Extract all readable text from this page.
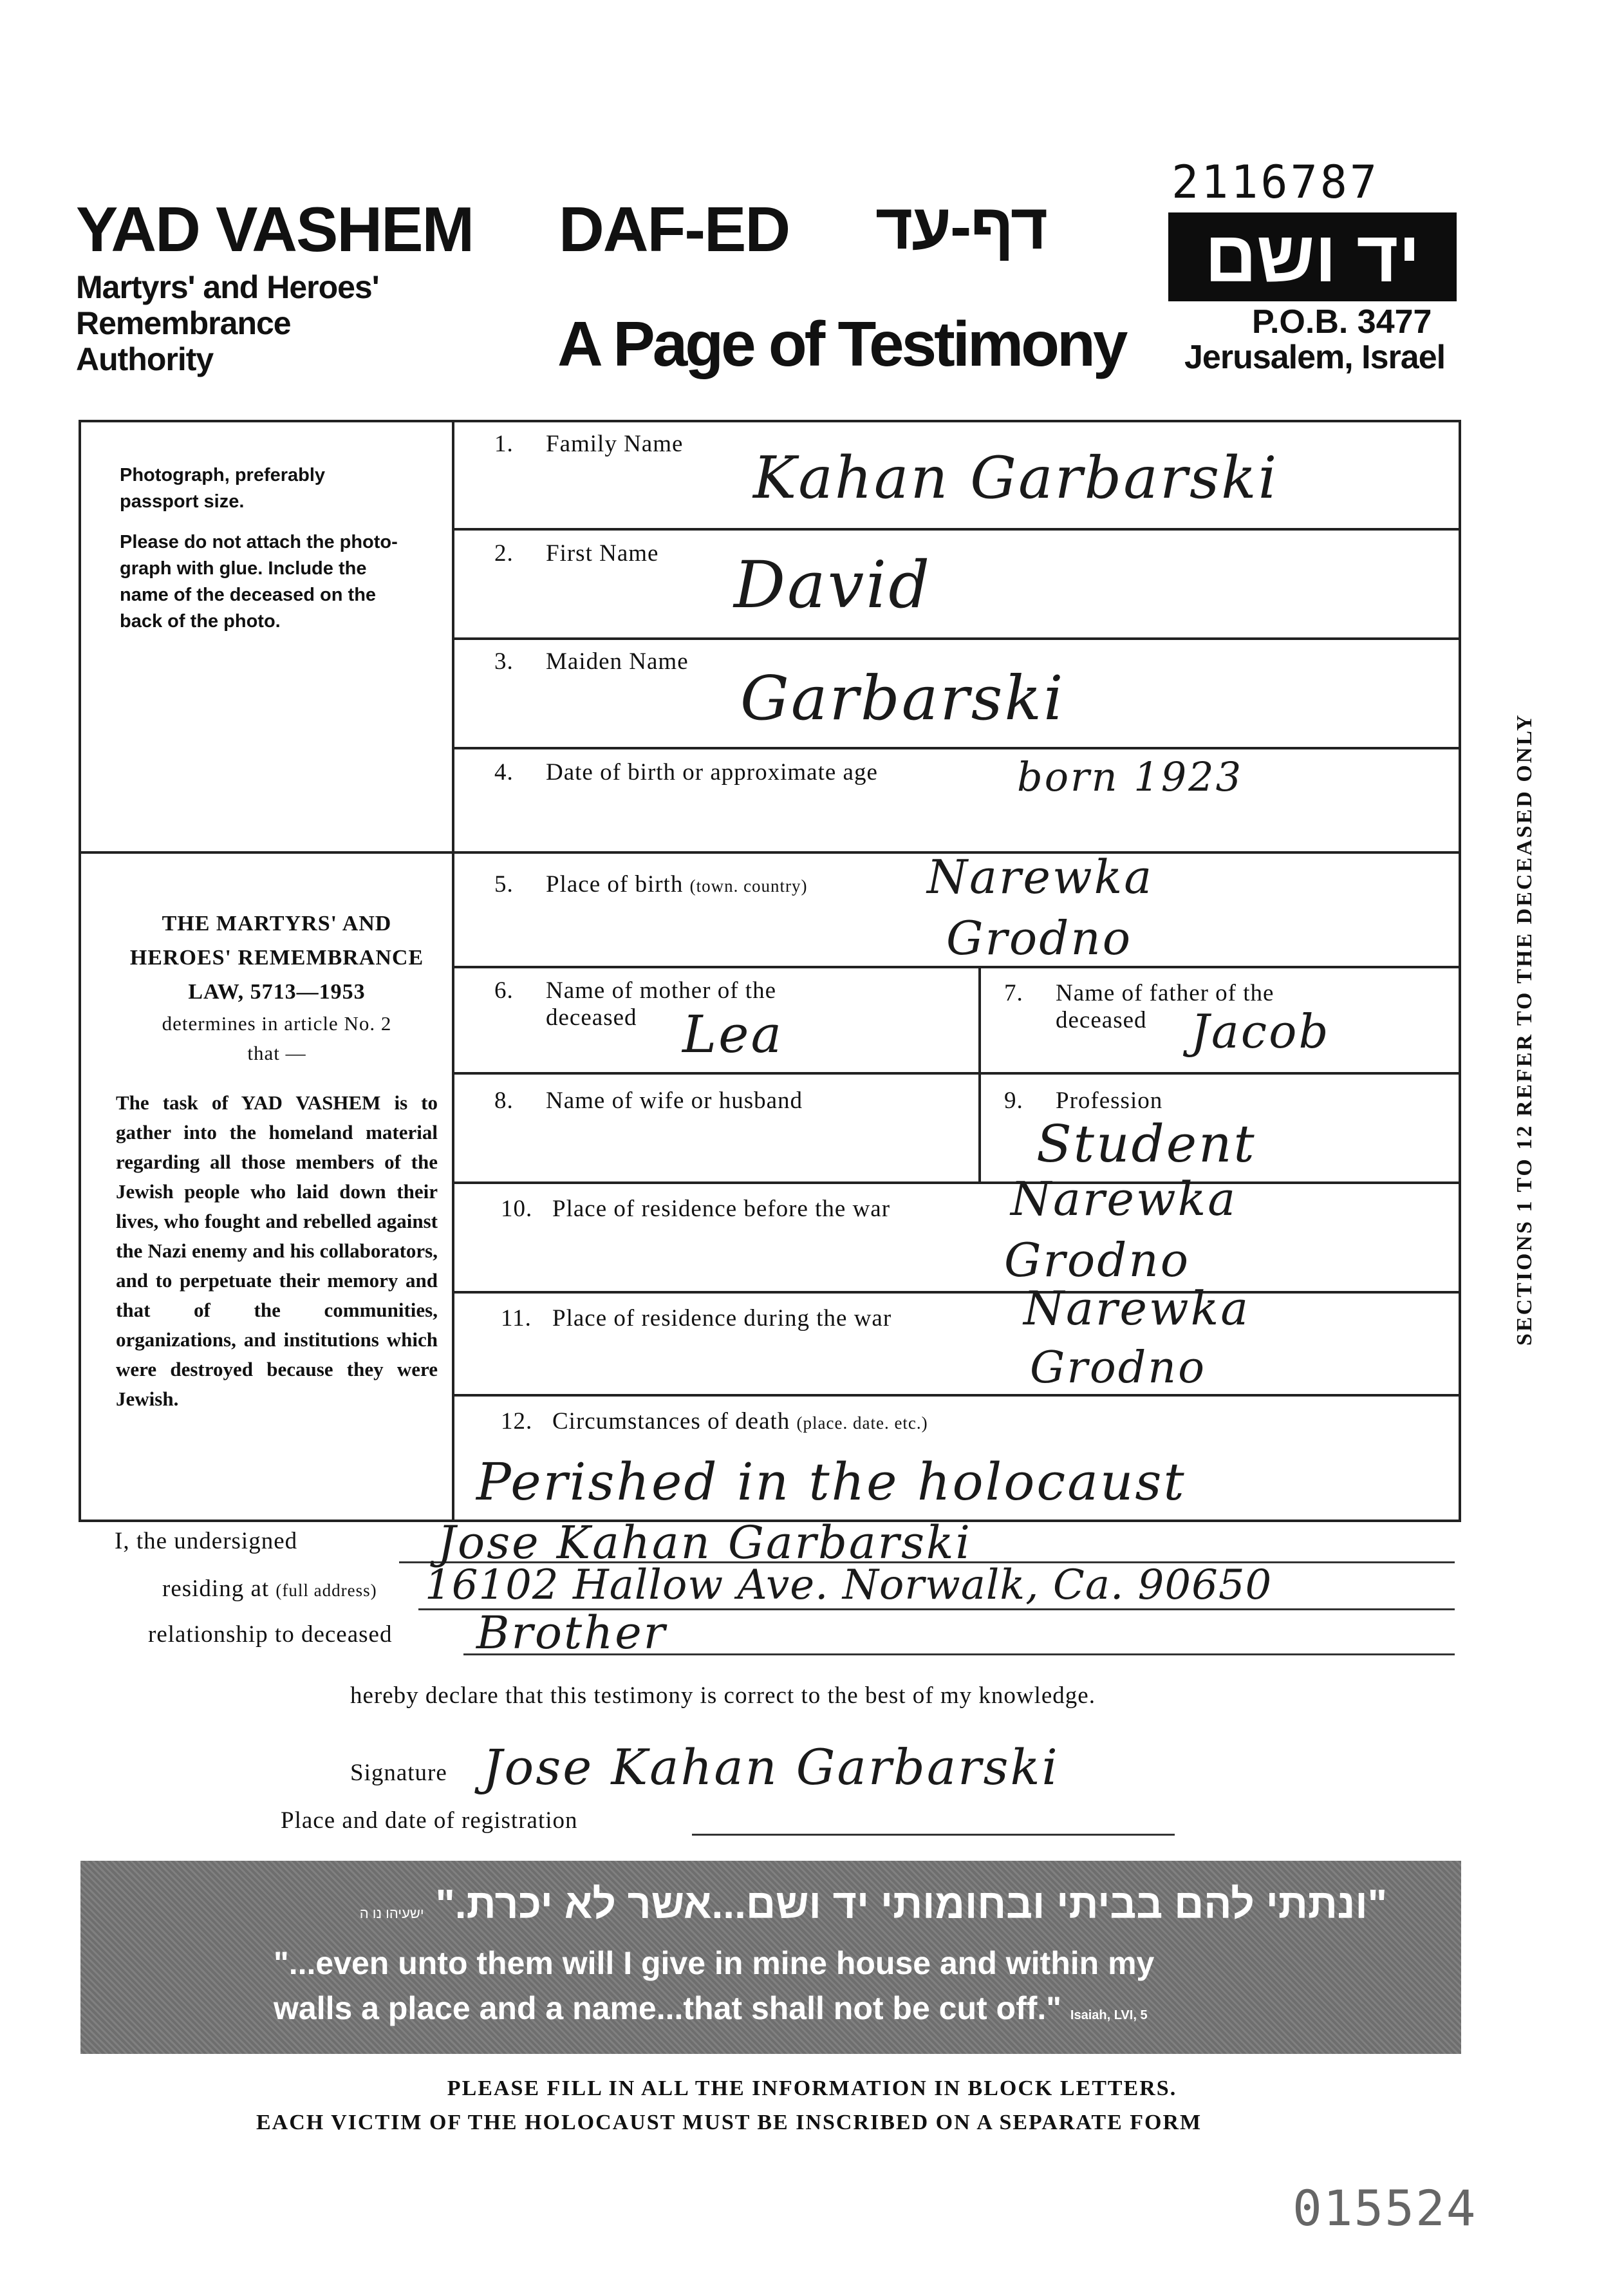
2116787
YAD VASHEM
Martyrs' and Heroes'
Remembrance
Authority
DAF-ED דף-עד
A Page of Testimony
יד ושם
P.O.B. 3477
Jerusalem, Israel
Photograph, preferably
passport size.
Please do not attach the photo-
graph with glue. Include the
name of the deceased on the
back of the photo.
THE MARTYRS' AND
HEROES' REMEMBRANCE
LAW, 5713—1953
determines in article No. 2
that —
The task of YAD VASHEM is to gather into the homeland material regarding all those members of the Jewish people who laid down their lives, who fought and rebelled against the Nazi enemy and his collaborators, and to perpetuate their memory and that of the communities, organizations, and institutions which were destroyed because they were Jewish.
SECTIONS 1 TO 12 REFER TO THE DECEASED ONLY
1. Family Name
Kahan Garbarski
2. First Name David
3. Maiden Name
Garbarski
4. Date of birth or approximate age	born 1923
5. Place of birth (town. country)	Narewka
Grodno
6. Name of mother of the
deceased Lea
7. Name of father of the
deceased Jacob
8. Name of wife or husband	9. Profession
Student
10. Place of residence before the war	Narewka
Grodno
11. Place of residence during the war	Narewka
Grodno
12. Circumstances of death (place. date. etc.)
Perished in the holocaust
I, the undersigned	Jose Kahan Garbarski
residing at (full address) 16102 Hallow Ave. Norwalk, Ca. 90650
relationship to deceased Brother
hereby declare that this testimony is correct to the best of my knowledge.
Signature Jose Kahan Garbarski
Place and date of registration
"ונתתי להם בביתי ובחומותי יד ושם...אשר לא יכרת." ישעיהו נו ה
"...even unto them will I give in mine house and within my
walls a place and a name...that shall not be cut off." Isaiah, LVI, 5
PLEASE FILL IN ALL THE INFORMATION IN BLOCK LETTERS.
EACH VICTIM OF THE HOLOCAUST MUST BE INSCRIBED ON A SEPARATE FORM
015524
